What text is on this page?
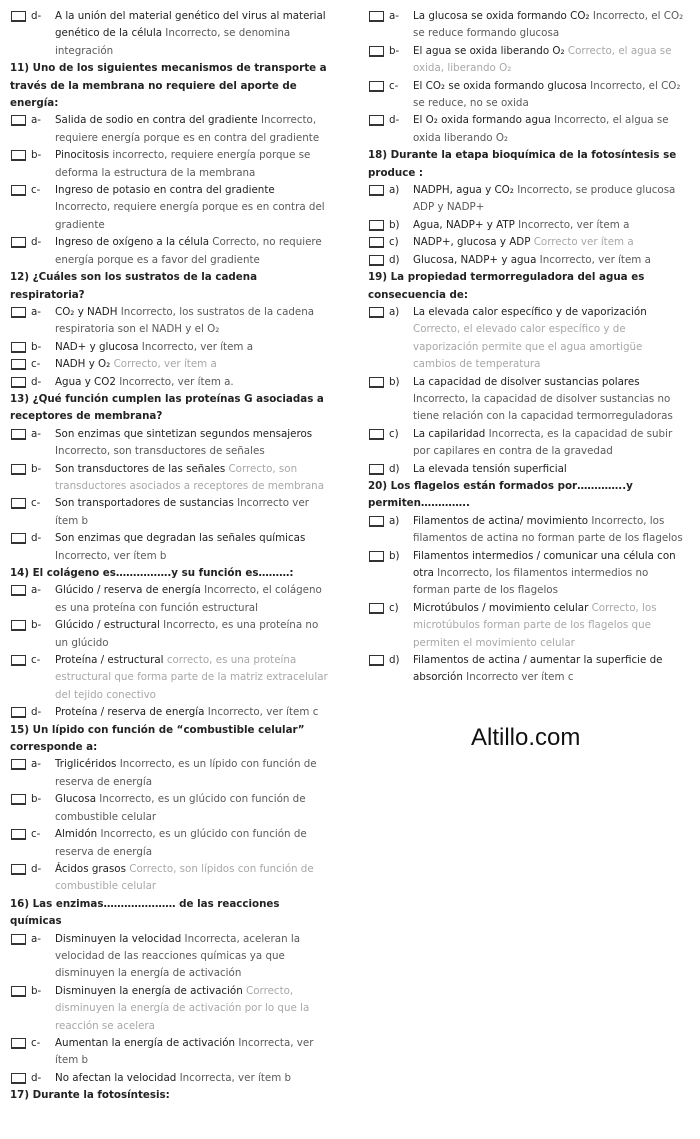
d- A la unión del material genético del virus al material genético de la célula Incorrecto, se denomina integración
11) Uno de los siguientes mecanismos de transporte a través de la membrana no requiere del aporte de energía:
a- Salida de sodio en contra del gradiente Incorrecto, requiere energía porque es en contra del gradiente
b- Pinocitosis incorrecto, requiere energía porque se deforma la estructura de la membrana
c- Ingreso de potasio en contra del gradiente Incorrecto, requiere energía porque es en contra del gradiente
d- Ingreso de oxígeno a la célula Correcto, no requiere energía porque es a favor del gradiente
12) ¿Cuáles son los sustratos de la cadena respiratoria?
a- CO₂ y NADH Incorrecto, los sustratos de la cadena respiratoria son el NADH y el O₂
b- NAD+ y glucosa Incorrecto, ver ítem a
c- NADH y O₂ Correcto, ver ítem a
d- Agua y CO2 Incorrecto, ver ítem a.
13) ¿Qué función cumplen las proteínas G asociadas a receptores de membrana?
a- Son enzimas que sintetizan segundos mensajeros Incorrecto, son transductores de señales
b- Son transductores de las señales Correcto, son transductores asociados a receptores de membrana
c- Son transportadores de sustancias Incorrecto ver ítem b
d- Son enzimas que degradan las señales químicas Incorrecto, ver ítem b
14) El colágeno es…………….y su función es………:
a- Glúcido / reserva de energía Incorrecto, el colágeno es una proteína con función estructural
b- Glúcido / estructural Incorrecto, es una proteína no un glúcido
c- Proteína / estructural correcto, es una proteína estructural que forma parte de la matriz extracelular del tejido conectivo
d- Proteína / reserva de energía Incorrecto, ver ítem c
15) Un lípido con función de “combustible celular” corresponde a:
a- Triglicéridos Incorrecto, es un lípido con función de reserva de energía
b- Glucosa Incorrecto, es un glúcido con función de combustible celular
c- Almidón Incorrecto, es un glúcido con función de reserva de energía
d- Ácidos grasos Correcto, son lípidos con función de combustible celular
16) Las enzimas………………… de las reacciones químicas
a- Disminuyen la velocidad Incorrecta, aceleran la velocidad de las reacciones químicas ya que disminuyen la energía de activación
b- Disminuyen la energía de activación Correcto, disminuyen la energía de activación por lo que la reacción se acelera
c- Aumentan la energía de activación Incorrecta, ver ítem b
d- No afectan la velocidad Incorrecta, ver ítem b
17) Durante la fotosíntesis:
a- La glucosa se oxida formando CO₂ Incorrecto, el CO₂ se reduce formando glucosa
b- El agua se oxida liberando O₂ Correcto, el agua se oxida, liberando O₂
c- El CO₂ se oxida formando glucosa Incorrecto, el CO₂ se reduce, no se oxida
d- El O₂ oxida formando agua Incorrecto, el algua se oxida liberando O₂
18) Durante la etapa bioquímica de la fotosíntesis se produce :
a) NADPH, agua y CO₂ Incorrecto, se produce glucosa ADP y NADP+
b) Agua, NADP+ y ATP Incorrecto, ver ítem a
c) NADP+, glucosa y ADP Correcto ver ítem a
d) Glucosa, NADP+ y agua Incorrecto, ver ítem a
19) La propiedad termorreguladora del agua es consecuencia de:
a) La elevada calor específico y de vaporización Correcto, el elevado calor específico y de vaporización permite que el agua amortigüe cambios de temperatura
b) La capacidad de disolver sustancias polares Incorrecto, la capacidad de disolver sustancias no tiene relación con la capacidad termorreguladoras
c) La capilaridad Incorrecta, es la capacidad de subir por capilares en contra de la gravedad
d) La elevada tensión superficial
20) Los flagelos están formados por…………..y permiten…………..
a) Filamentos de actina/ movimiento Incorrecto, los filamentos de actina no forman parte de los flagelos
b) Filamentos intermedios / comunicar una célula con otra Incorrecto, los filamentos intermedios no forman parte de los flagelos
c) Microtúbulos / movimiento celular Correcto, los microtúbulos forman parte de los flagelos que permiten el movimiento celular
d) Filamentos de actina / aumentar la superficie de absorción Incorrecto ver ítem c
Altillo.com
